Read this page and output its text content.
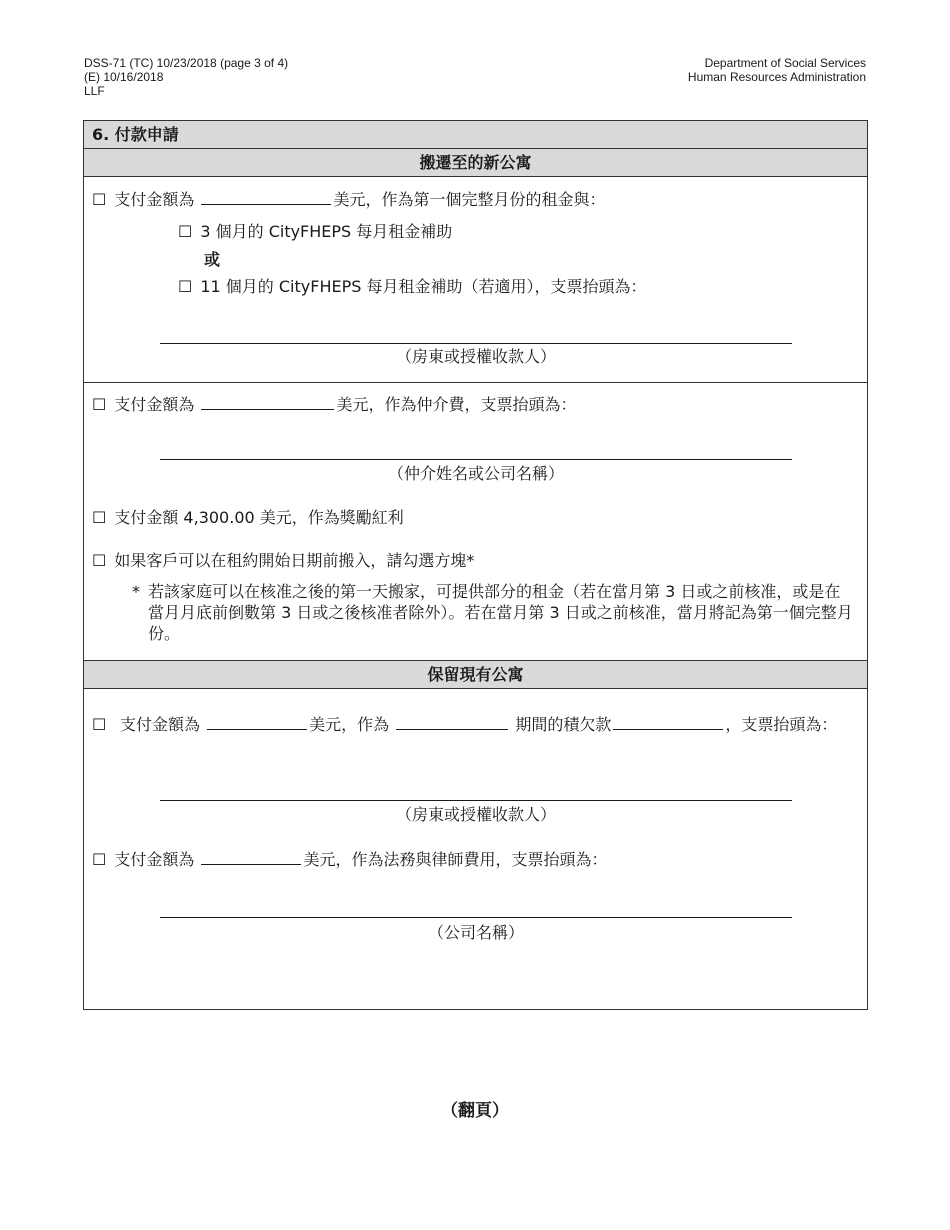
DSS-71 (TC) 10/23/2018 (page 3 of 4)
(E) 10/16/2018
LLF
Department of Social Services
Human Resources Administration
6. 付款申請
搬遷至的新公寓
☐ 支付金額為	美元，作為第一個完整月份的租金與：
☐ 3 個月的 CityFHEPS 每月租金補助
或
☐ 11 個月的 CityFHEPS 每月租金補助（若適用），支票抬頭為：
（房東或授權收款人）
☐ 支付金額為	美元，作為仲介費，支票抬頭為：
（仲介姓名或公司名稱）
☐ 支付金額 4,300.00 美元，作為獎勵紅利
☐ 如果客戶可以在租約開始日期前搬入，請勾選方塊*
* 若該家庭可以在核准之後的第一天搬家，可提供部分的租金（若在當月第 3 日或之前核准，或是在當月月底前倒數第 3 日或之後核准者除外）。若在當月第 3 日或之前核准，當月將記為第一個完整月份。
保留現有公寓
☐ 支付金額為	美元，作為	期間的積欠款	，支票抬頭為：
（房東或授權收款人）
☐ 支付金額為	美元，作為法務與律師費用，支票抬頭為：
（公司名稱）
（翻頁）
